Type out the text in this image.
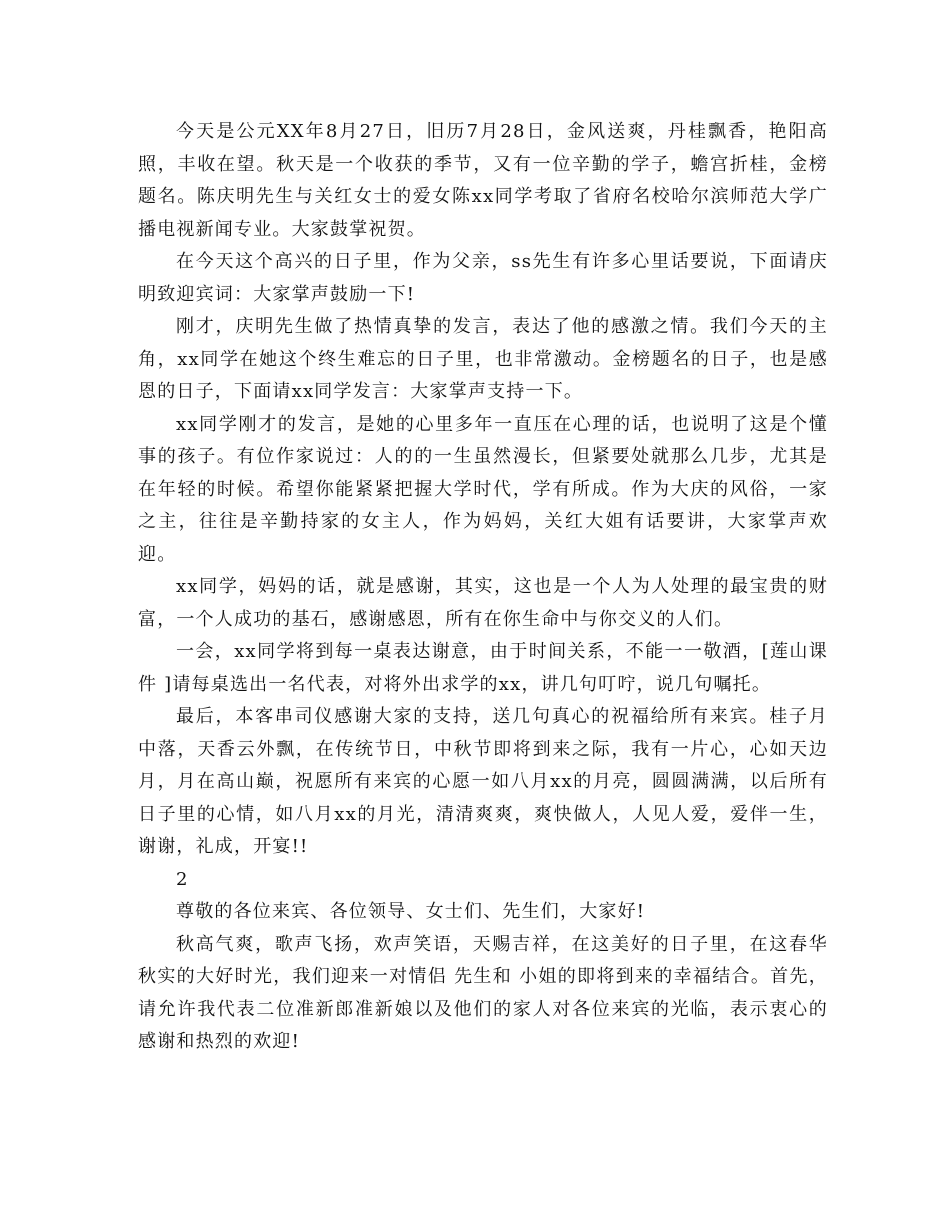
今天是公元XX年8月27日，旧历7月28日，金风送爽，丹桂飘香，艳阳高照，丰收在望。秋天是一个收获的季节，又有一位辛勤的学子，蟾宫折桂，金榜题名。陈庆明先生与关红女士的爱女陈xx同学考取了省府名校哈尔滨师范大学广播电视新闻专业。大家鼓掌祝贺。

在今天这个高兴的日子里，作为父亲，ss先生有许多心里话要说，下面请庆明致迎宾词：大家掌声鼓励一下!

刚才，庆明先生做了热情真挚的发言，表达了他的感激之情。我们今天的主角，xx同学在她这个终生难忘的日子里，也非常激动。金榜题名的日子，也是感恩的日子，下面请xx同学发言：大家掌声支持一下。

xx同学刚才的发言，是她的心里多年一直压在心理的话，也说明了这是个懂事的孩子。有位作家说过：人的的一生虽然漫长，但紧要处就那么几步，尤其是在年轻的时候。希望你能紧紧把握大学时代，学有所成。作为大庆的风俗，一家之主，往往是辛勤持家的女主人，作为妈妈，关红大姐有话要讲，大家掌声欢迎。

xx同学，妈妈的话，就是感谢，其实，这也是一个人为人处理的最宝贵的财富，一个人成功的基石，感谢感恩，所有在你生命中与你交义的人们。

一会，xx同学将到每一桌表达谢意，由于时间关系，不能一一敬酒，[莲山课件 ]请每桌选出一名代表，对将外出求学的xx，讲几句叮咛，说几句嘱托。

最后，本客串司仪感谢大家的支持，送几句真心的祝福给所有来宾。桂子月中落，天香云外飘，在传统节日，中秋节即将到来之际，我有一片心，心如天边月，月在高山巅，祝愿所有来宾的心愿一如八月xx的月亮，圆圆满满，以后所有日子里的心情，如八月xx的月光，清清爽爽，爽快做人，人见人爱，爱伴一生，谢谢，礼成，开宴!!

2

尊敬的各位来宾、各位领导、女士们、先生们，大家好!

秋高气爽，歌声飞扬，欢声笑语，天赐吉祥，在这美好的日子里，在这春华秋实的大好时光，我们迎来一对情侣 先生和 小姐的即将到来的幸福结合。首先，请允许我代表二位准新郎准新娘以及他们的家人对各位来宾的光临，表示衷心的感谢和热烈的欢迎!
